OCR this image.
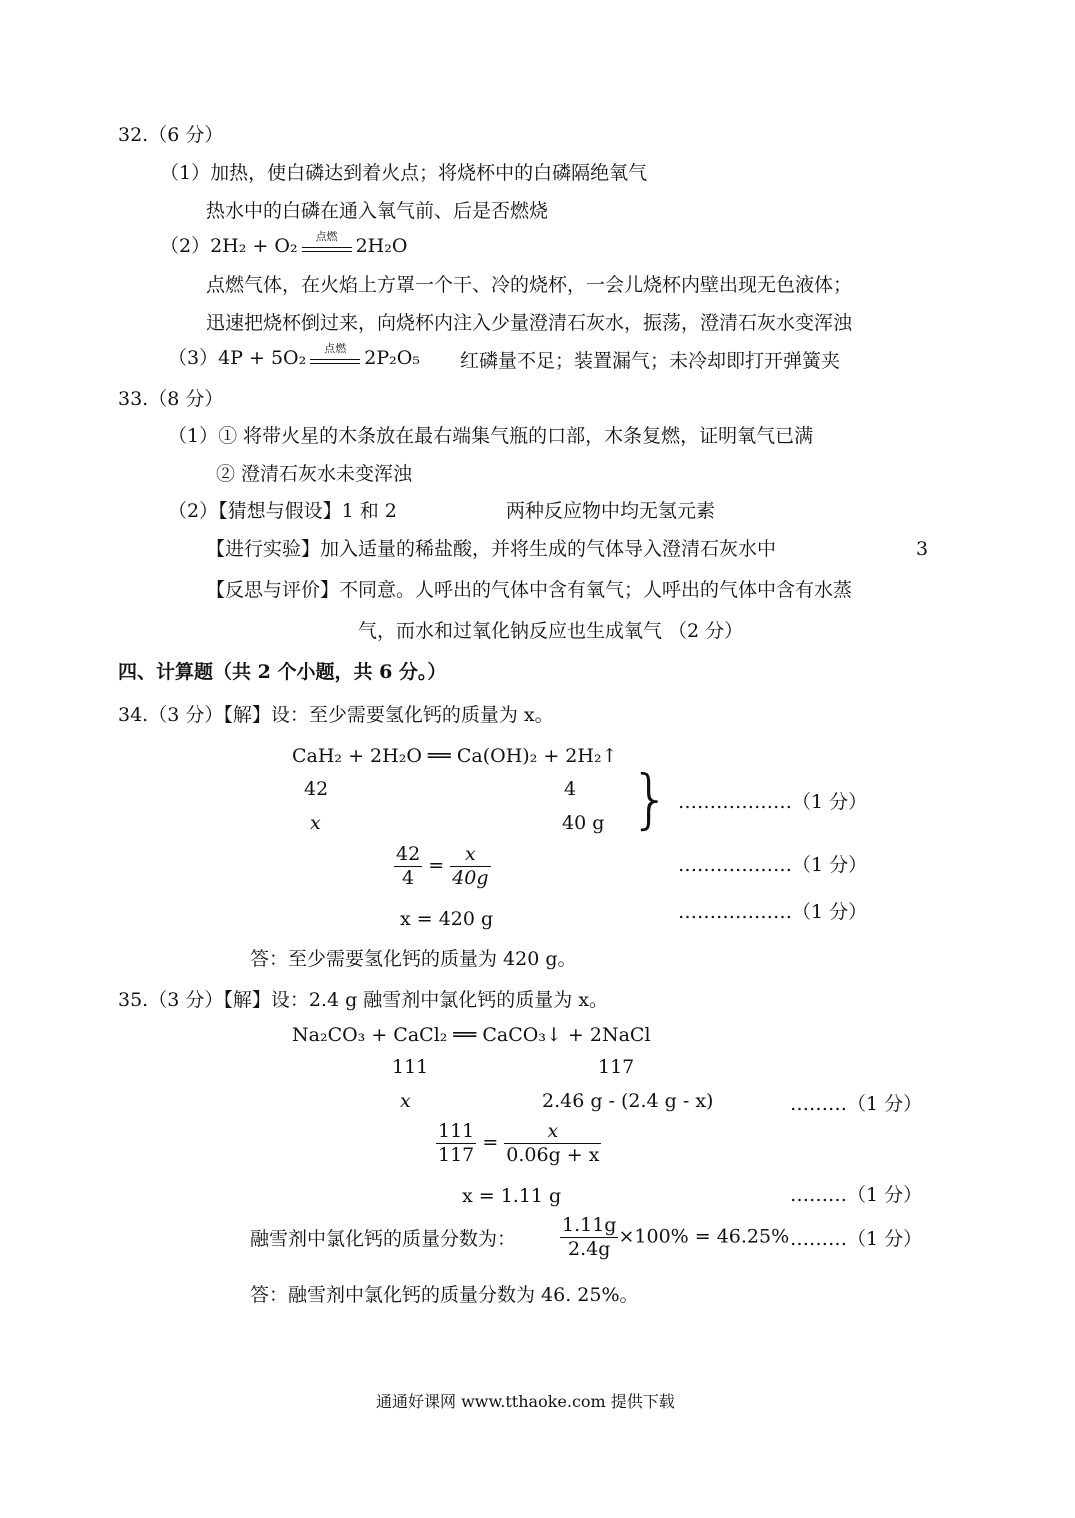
32.（6 分）
（1）加热，使白磷达到着火点；将烧杯中的白磷隔绝氧气
热水中的白磷在通入氧气前、后是否燃烧
（2）2H₂ + O₂	点燃 2H₂O
点燃气体，在火焰上方罩一个干、冷的烧杯，一会儿烧杯内壁出现无色液体；
迅速把烧杯倒过来，向烧杯内注入少量澄清石灰水，振荡，澄清石灰水变浑浊
（3）4P + 5O₂	点燃 2P₂O₅ 红磷量不足；装置漏气；未冷却即打开弹簧夹
33.（8 分）
（1）① 将带火星的木条放在最右端集气瓶的口部，木条复燃，证明氧气已满
② 澄清石灰水未变浑浊
（2）【猜想与假设】1 和 2	两种反应物中均无氢元素
【进行实验】加入适量的稀盐酸，并将生成的气体导入澄清石灰水中	3
【反思与评价】不同意。人呼出的气体中含有氧气；人呼出的气体中含有水蒸
气，而水和过氧化钠反应也生成氧气 （2 分）
四、计算题（共 2 个小题，共 6 分。）
34.（3 分）【解】设：至少需要氢化钙的质量为 x。
CaH₂ + 2H₂O ══ Ca(OH)₂ + 2H₂↑
42	4
x	40 g } ………………（1 分）
$\frac{42}{4} = \frac{x}{40g}$	………………（1 分）
x = 420 g	………………（1 分）
答：至少需要氢化钙的质量为 420 g。
35.（3 分）【解】设：2.4 g 融雪剂中氯化钙的质量为 x。
Na₂CO₃ + CaCl₂ ══ CaCO₃↓ + 2NaCl
111	117
x	2.46 g - (2.4 g - x)	………（1 分）
$\frac{111}{117} = \frac{x}{0.06g + x}$
x = 1.11 g	………（1 分）
融雪剂中氯化钙的质量分数为： $\frac{1.11g}{2.4g} \times 100\% = 46.25\%$ ………（1 分）
答：融雪剂中氯化钙的质量分数为 46. 25%。
通通好课网 www.tthaoke.com 提供下载
